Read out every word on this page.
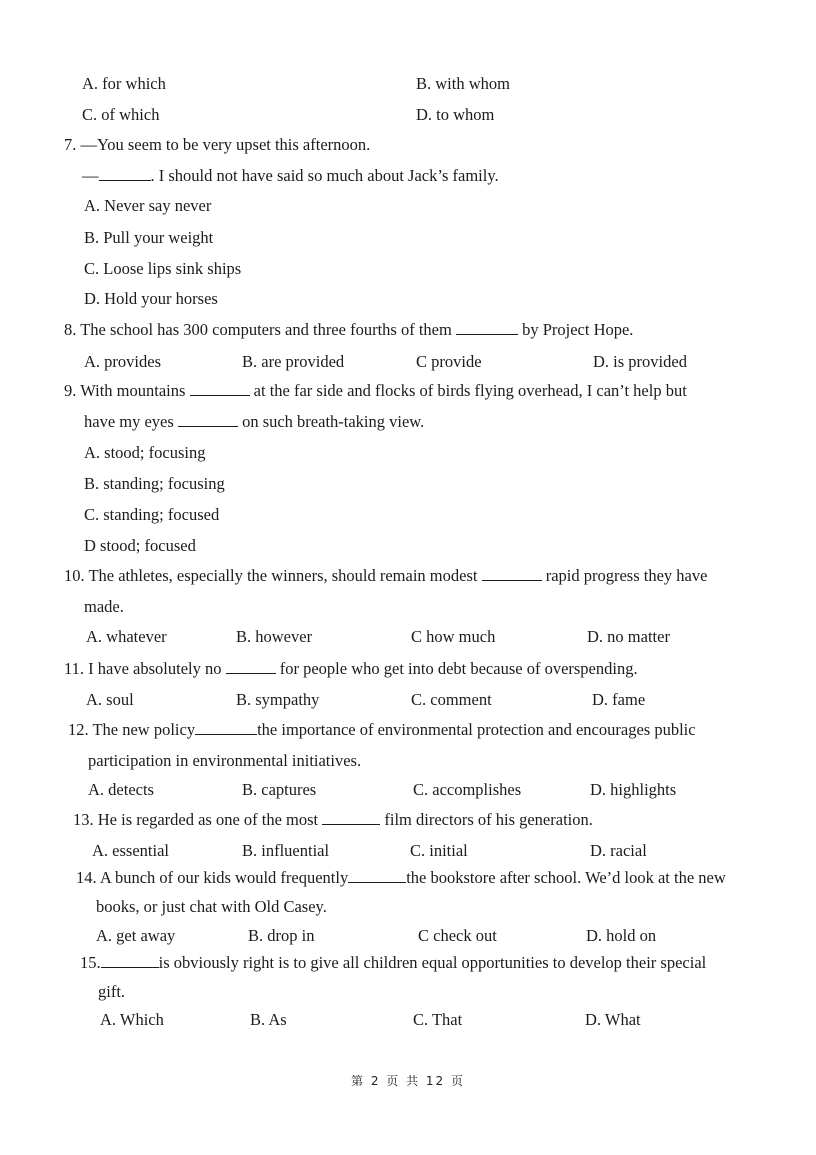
A. for which	B. with whom
C. of which	D. to whom
7. —You seem to be very upset this afternoon.
—	. I should not have said so much about Jack’s family.
A. Never say never
B. Pull your weight
C. Loose lips sink ships
D. Hold your horses
8. The school has 300 computers and three fourths of them	by Project Hope.
A. provides	B. are provided	C provide	D. is provided
9. With mountains	at the far side and flocks of birds flying overhead, I can’t help but
have my eyes	on such breath-taking view.
A. stood; focusing
B. standing; focusing
C. standing; focused
D stood; focused
10. The athletes, especially the winners, should remain modest	rapid progress they have
made.
A. whatever	B. however	C how much	D. no matter
11. I have absolutely no	for people who get into debt because of overspending.
A. soul	B. sympathy	C. comment	D. fame
12. The new policy	the importance of environmental protection and encourages public
participation in environmental initiatives.
A. detects	B. captures	C. accomplishes	D. highlights
13. He is regarded as one of the most	film directors of his generation.
A. essential	B. influential	C. initial	D. racial
14. A bunch of our kids would frequently	the bookstore after school. We’d look at the new
books, or just chat with Old Casey.
A. get away	B. drop in	C check out	D. hold on
15.	is obviously right is to give all children equal opportunities to develop their special
gift.
A. Which	B. As	C. That	D. What
第 2 页 共 12 页
